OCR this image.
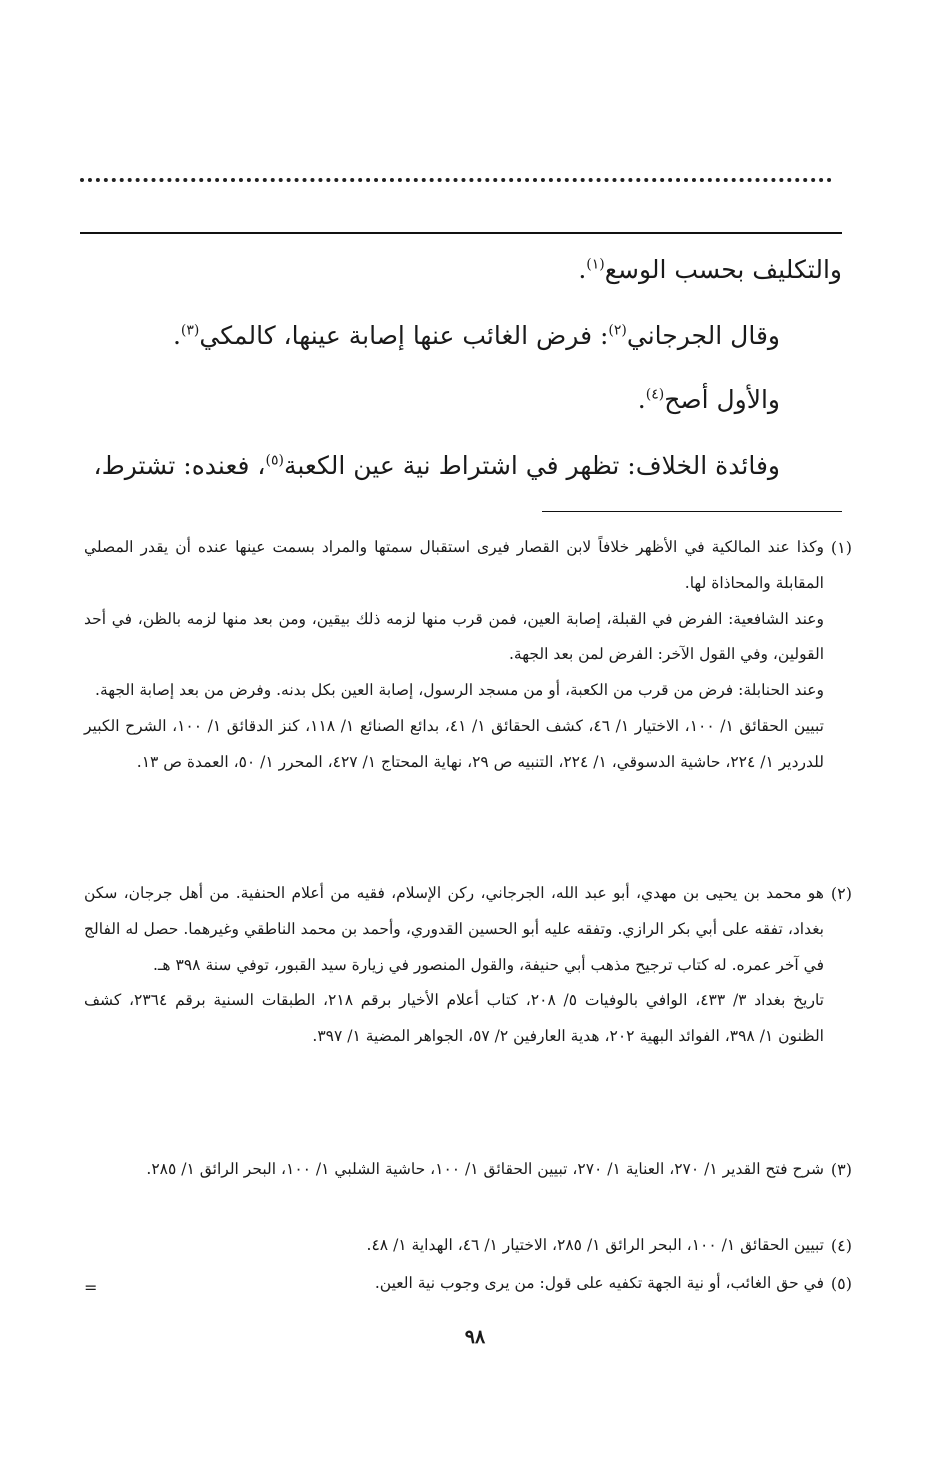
والتكليف بحسب الوسع$^{(١)}$.
وقال الجرجاني$^{(٢)}$: فرض الغائب عنها إصابة عينها، كالمكي$^{(٣)}$.
والأول أصح$^{(٤)}$.
وفائدة الخلاف: تظهر في اشتراط نية عين الكعبة$^{(٥)}$، فعنده: تشترط،
(١)

وكذا عند المالكية في الأظهر خلافاً لابن القصار فيرى استقبال سمتها والمراد بسمت عينها عنده أن يقدر المصلي المقابلة والمحاذاة لها.

وعند الشافعية: الفرض في القبلة، إصابة العين، فمن قرب منها لزمه ذلك بيقين، ومن بعد منها لزمه بالظن، في أحد القولين، وفي القول الآخر: الفرض لمن بعد الجهة.

وعند الحنابلة: فرض من قرب من الكعبة، أو من مسجد الرسول، إصابة العين بكل بدنه. وفرض من بعد إصابة الجهة.

تبيين الحقائق ١/ ١٠٠، الاختيار ١/ ٤٦، كشف الحقائق ١/ ٤١، بدائع الصنائع ١/ ١١٨، كنز الدقائق ١/ ١٠٠، الشرح الكبير للدردير ١/ ٢٢٤، حاشية الدسوقي، ١/ ٢٢٤، التنبيه ص ٢٩، نهاية المحتاج ١/ ٤٢٧، المحرر ١/ ٥٠، العمدة ص ١٣.

(٢)

هو محمد بن يحيى بن مهدي، أبو عبد الله، الجرجاني، ركن الإسلام، فقيه من أعلام الحنفية. من أهل جرجان، سكن بغداد، تفقه على أبي بكر الرازي. وتفقه عليه أبو الحسين القدوري، وأحمد بن محمد الناطقي وغيرهما. حصل له الفالج في آخر عمره. له كتاب ترجيح مذهب أبي حنيفة، والقول المنصور في زيارة سيد القبور، توفي سنة ٣٩٨ هـ.

تاريخ بغداد ٣/ ٤٣٣، الوافي بالوفيات ٥/ ٢٠٨، كتاب أعلام الأخيار برقم ٢١٨، الطبقات السنية برقم ٢٣٦٤، كشف الظنون ١/ ٣٩٨، الفوائد البهية ٢٠٢، هدية العارفين ٢/ ٥٧، الجواهر المضية ١/ ٣٩٧.

(٣)

شرح فتح القدير ١/ ٢٧٠، العناية ١/ ٢٧٠، تبيين الحقائق ١/ ١٠٠، حاشية الشلبي ١/ ١٠٠، البحر الرائق ١/ ٢٨٥.

(٤)

تبيين الحقائق ١/ ١٠٠، البحر الرائق ١/ ٢٨٥، الاختيار ١/ ٤٦، الهداية ١/ ٤٨.

(٥)

في حق الغائب، أو نية الجهة تكفيه على قول: من يرى وجوب نية العين.

=
٩٨
